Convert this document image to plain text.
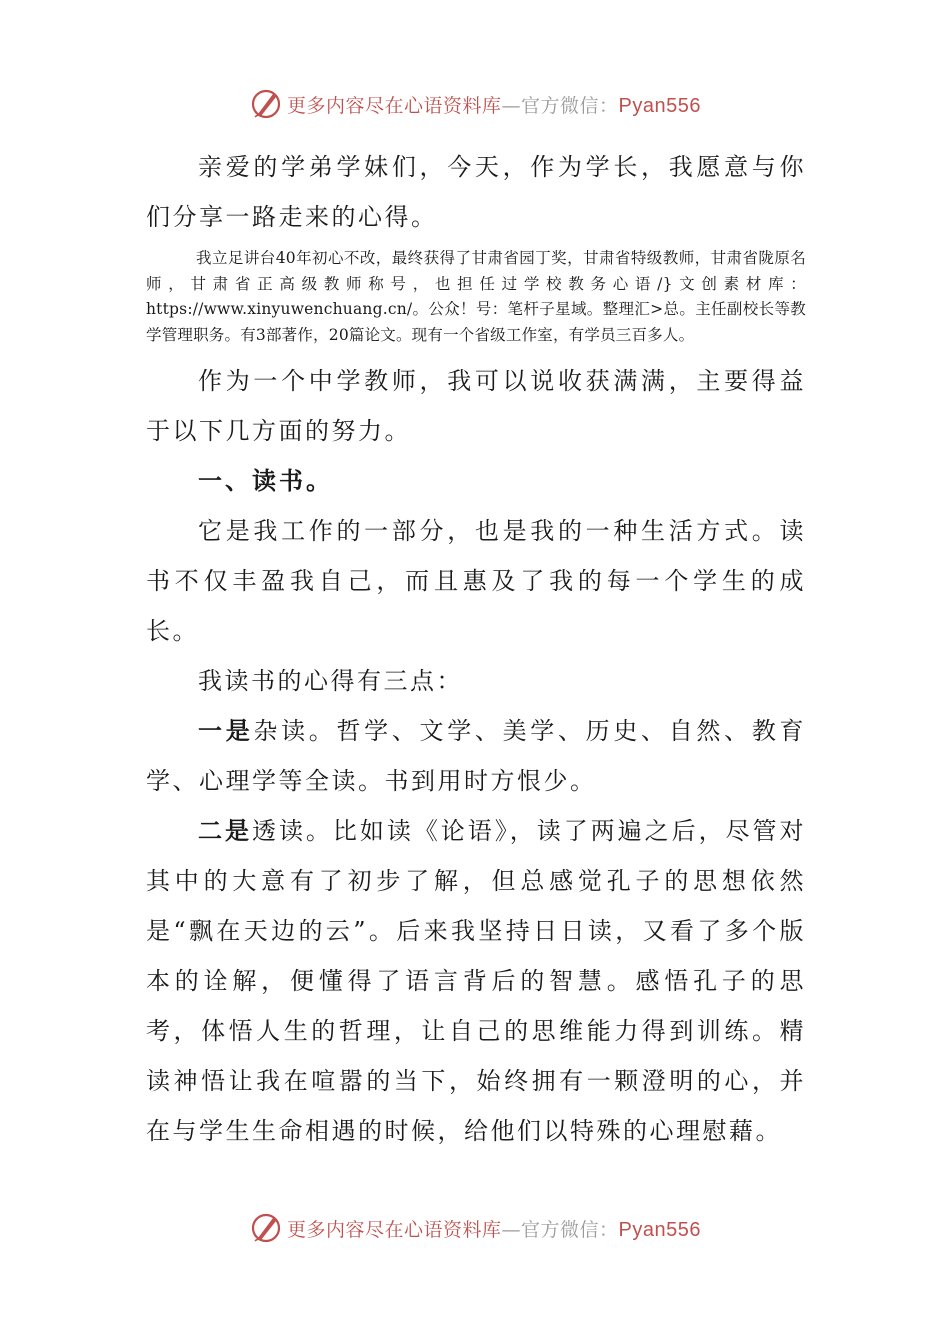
更多内容尽在心语资料库—官方微信：Pyan556

亲爱的学弟学妹们，今天，作为学长，我愿意与你们分享一路走来的心得。

我立足讲台40年初心不改，最终获得了甘肃省园丁奖，甘肃省特级教师，甘肃省陇原名师，甘肃省正高级教师称号，也担任过学校教务心语/}文创素材库：https://www.xinyuwenchuang.cn/。公众！号：笔杆子星域。整理汇>总。主任副校长等教学管理职务。有3部著作，20篇论文。现有一个省级工作室，有学员三百多人。

作为一个中学教师，我可以说收获满满，主要得益于以下几方面的努力。

一、读书。

它是我工作的一部分，也是我的一种生活方式。读书不仅丰盈我自己，而且惠及了我的每一个学生的成长。

我读书的心得有三点：

一是杂读。哲学、文学、美学、历史、自然、教育学、心理学等全读。书到用时方恨少。

二是透读。比如读《论语》，读了两遍之后，尽管对其中的大意有了初步了解，但总感觉孔子的思想依然是“飘在天边的云”。后来我坚持日日读，又看了多个版本的诠解，便懂得了语言背后的智慧。感悟孔子的思考，体悟人生的哲理，让自己的思维能力得到训练。精读神悟让我在喧嚣的当下，始终拥有一颗澄明的心，并在与学生生命相遇的时候，给他们以特殊的心理慰藉。

更多内容尽在心语资料库—官方微信：Pyan556
